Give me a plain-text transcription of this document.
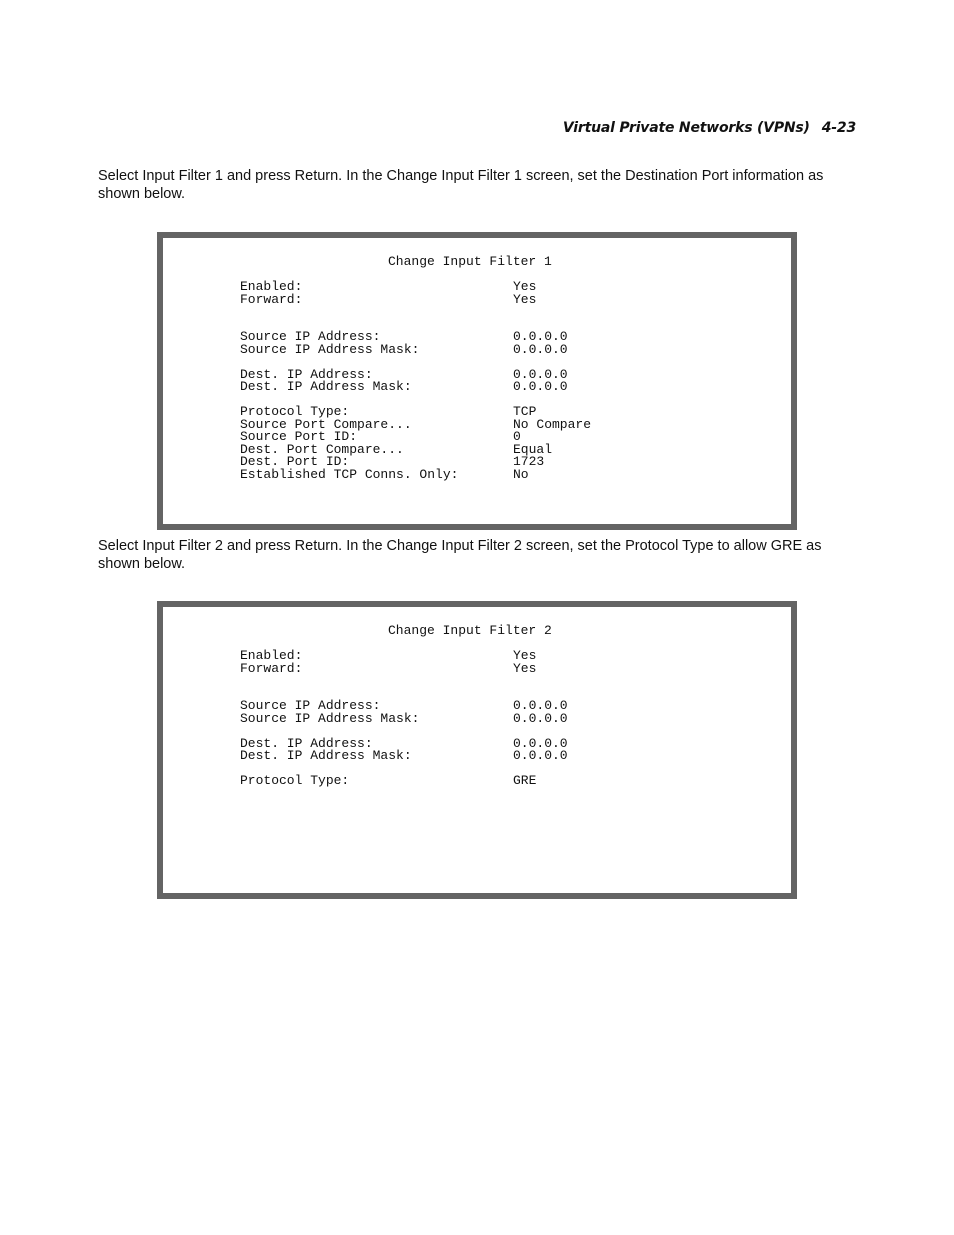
Virtual Private Networks (VPNs) 4-23

Select Input Filter 1 and press Return. In the Change Input Filter 1 screen, set the Destination Port information as shown below.

Change Input Filter 1
Enabled:	Yes
Forward:	Yes
Source IP Address:	0.0.0.0
Source IP Address Mask:	0.0.0.0
Dest. IP Address:	0.0.0.0
Dest. IP Address Mask:	0.0.0.0
Protocol Type:	TCP
Source Port Compare...	No Compare
Source Port ID:	0
Dest. Port Compare...	Equal
Dest. Port ID:	1723
Established TCP Conns. Only:	No

Select Input Filter 2 and press Return. In the Change Input Filter 2 screen, set the Protocol Type to allow GRE as shown below.

Change Input Filter 2
Enabled:	Yes
Forward:	Yes
Source IP Address:	0.0.0.0
Source IP Address Mask:	0.0.0.0
Dest. IP Address:	0.0.0.0
Dest. IP Address Mask:	0.0.0.0
Protocol Type:	GRE
